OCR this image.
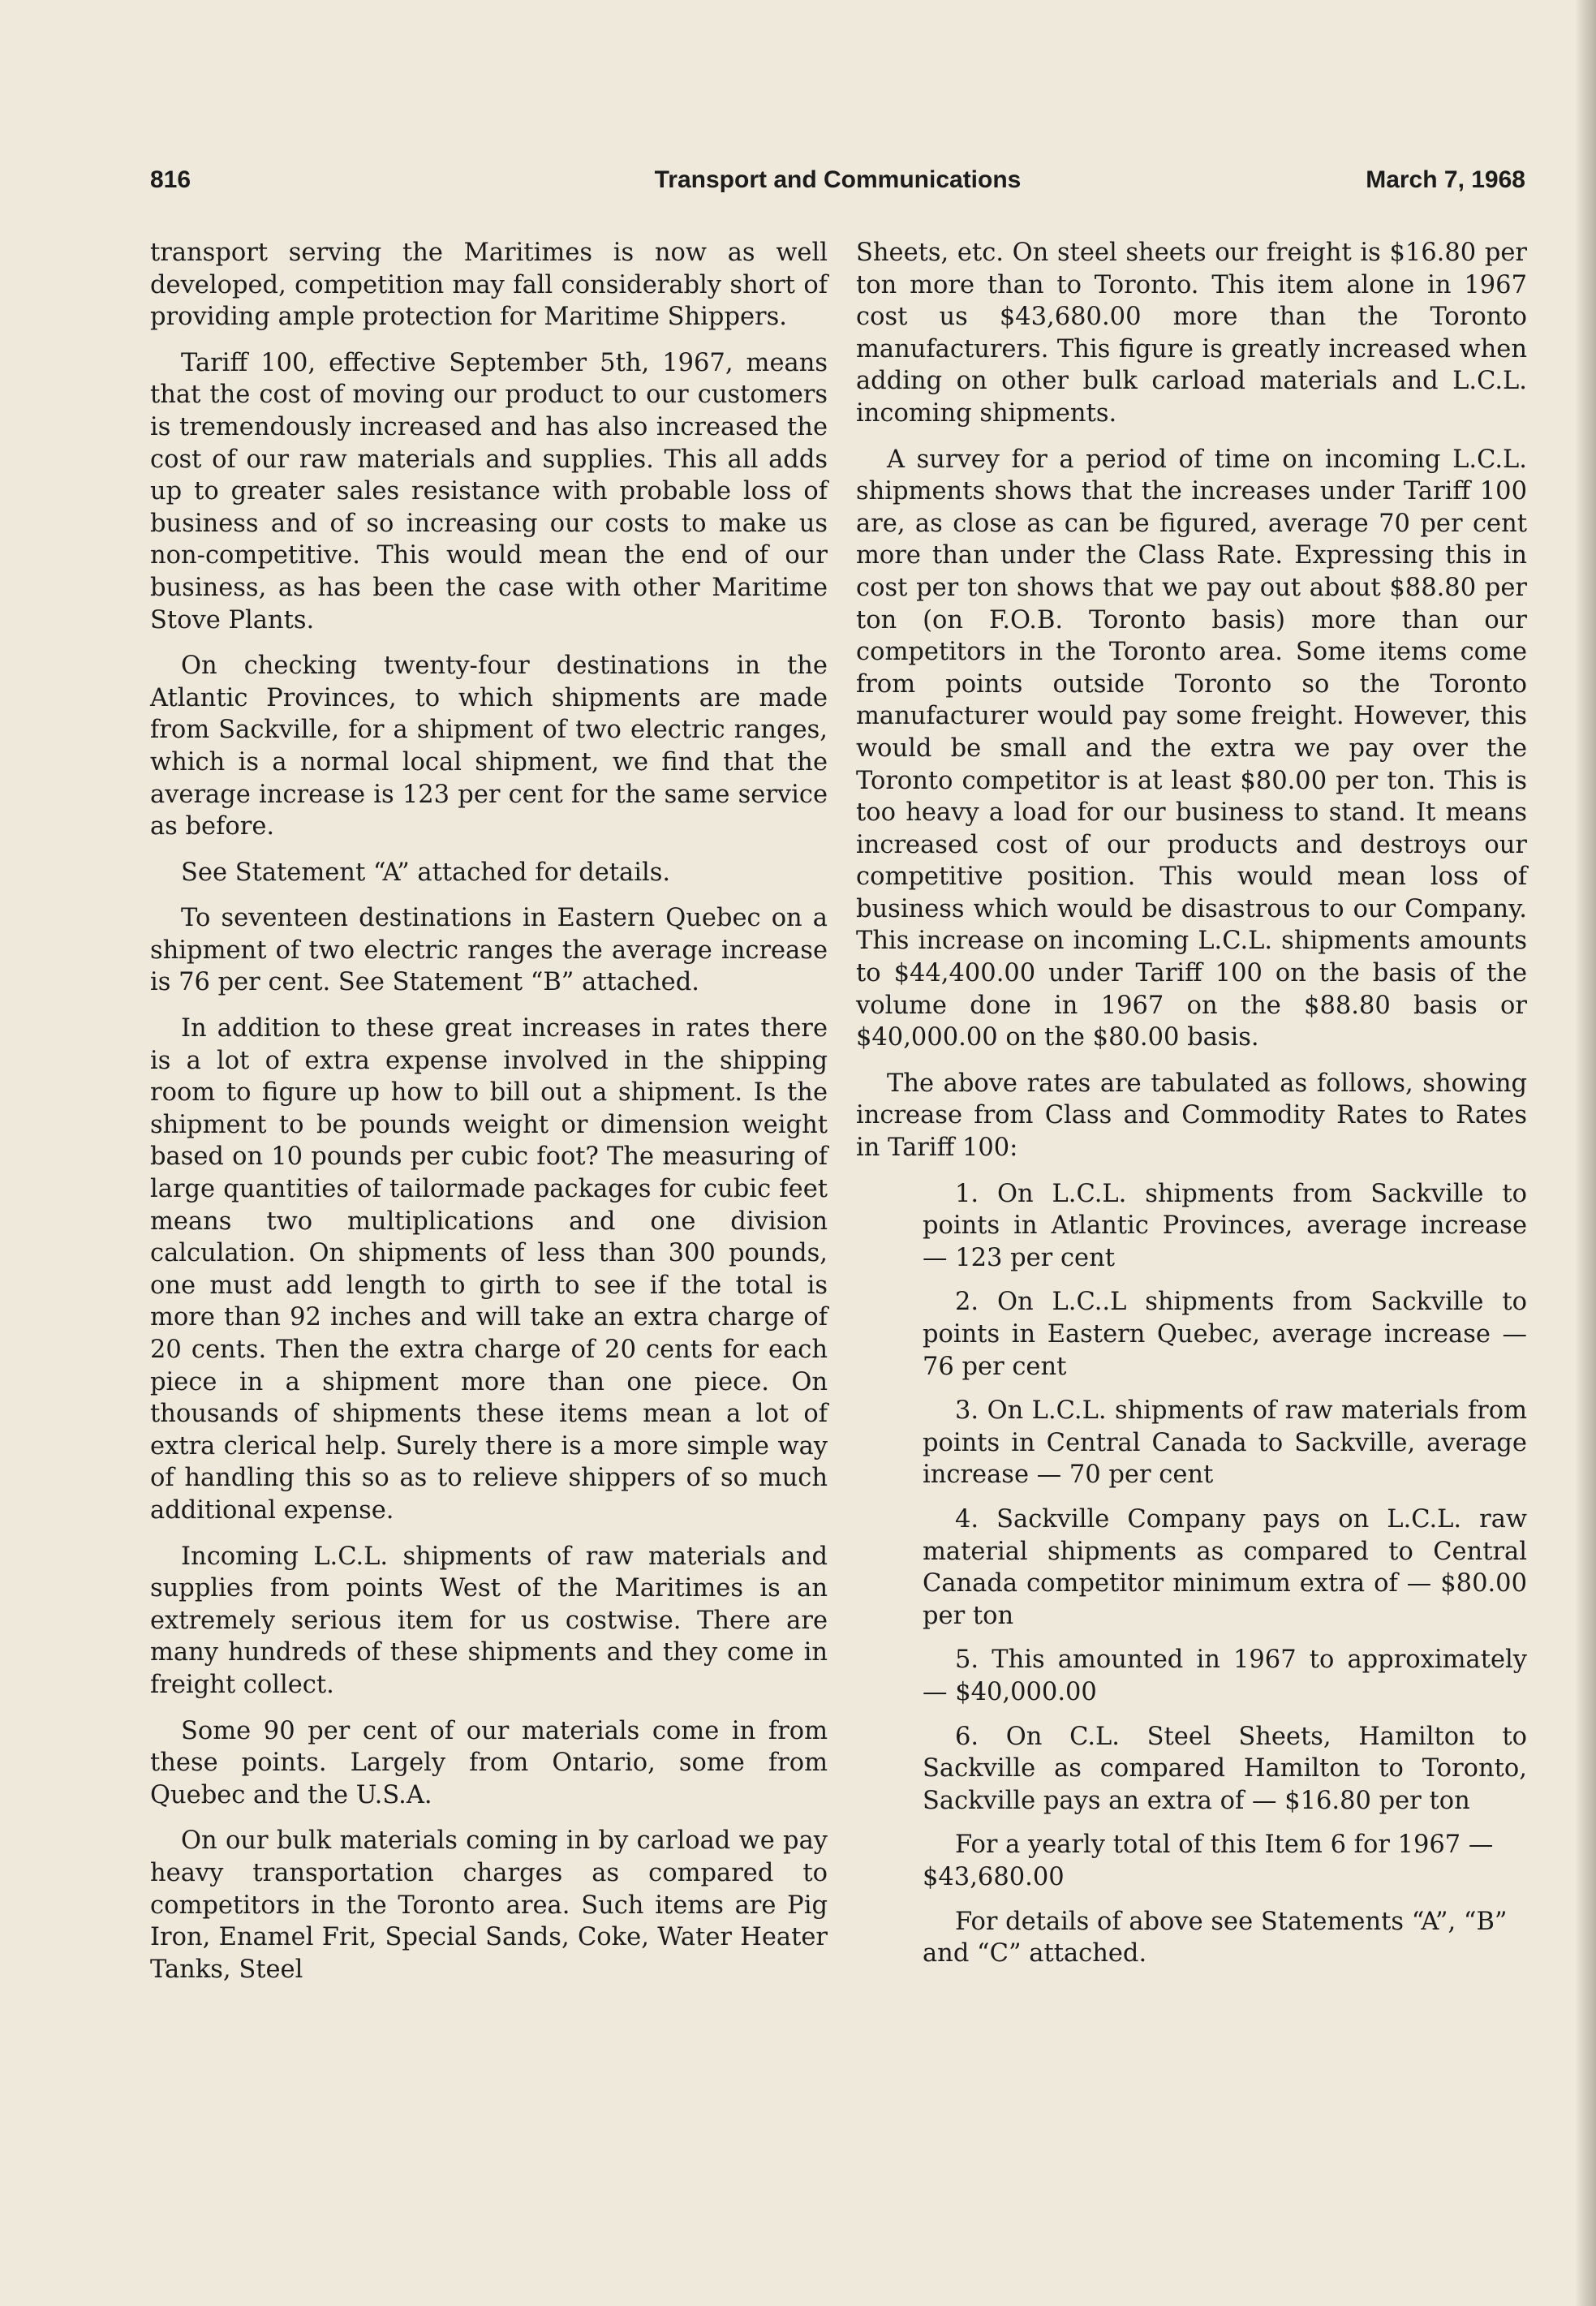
816	Transport and Communications	March 7, 1968

transport serving the Maritimes is now as well developed, competition may fall considerably short of providing ample protection for Maritime Shippers.

Tariff 100, effective September 5th, 1967, means that the cost of moving our product to our customers is tremendously increased and has also increased the cost of our raw materials and supplies. This all adds up to greater sales resistance with probable loss of business and of so increasing our costs to make us non-competitive. This would mean the end of our business, as has been the case with other Maritime Stove Plants.

On checking twenty-four destinations in the Atlantic Provinces, to which shipments are made from Sackville, for a shipment of two electric ranges, which is a normal local shipment, we find that the average increase is 123 per cent for the same service as before.

See Statement “A” attached for details.

To seventeen destinations in Eastern Quebec on a shipment of two electric ranges the average increase is 76 per cent. See Statement “B” attached.

In addition to these great increases in rates there is a lot of extra expense involved in the shipping room to figure up how to bill out a shipment. Is the shipment to be pounds weight or dimension weight based on 10 pounds per cubic foot? The measuring of large quantities of tailormade packages for cubic feet means two multiplications and one division calculation. On shipments of less than 300 pounds, one must add length to girth to see if the total is more than 92 inches and will take an extra charge of 20 cents. Then the extra charge of 20 cents for each piece in a shipment more than one piece. On thousands of shipments these items mean a lot of extra clerical help. Surely there is a more simple way of handling this so as to relieve shippers of so much additional expense.

Incoming L.C.L. shipments of raw materials and supplies from points West of the Maritimes is an extremely serious item for us costwise. There are many hundreds of these shipments and they come in freight collect.

Some 90 per cent of our materials come in from these points. Largely from Ontario, some from Quebec and the U.S.A.

On our bulk materials coming in by carload we pay heavy transportation charges as compared to competitors in the Toronto area. Such items are Pig Iron, Enamel Frit, Special Sands, Coke, Water Heater Tanks, Steel

Sheets, etc. On steel sheets our freight is $16.80 per ton more than to Toronto. This item alone in 1967 cost us $43,680.00 more than the Toronto manufacturers. This figure is greatly increased when adding on other bulk carload materials and L.C.L. incoming shipments.

A survey for a period of time on incoming L.C.L. shipments shows that the increases under Tariff 100 are, as close as can be figured, average 70 per cent more than under the Class Rate. Expressing this in cost per ton shows that we pay out about $88.80 per ton (on F.O.B. Toronto basis) more than our competitors in the Toronto area. Some items come from points outside Toronto so the Toronto manufacturer would pay some freight. However, this would be small and the extra we pay over the Toronto competitor is at least $80.00 per ton. This is too heavy a load for our business to stand. It means increased cost of our products and destroys our competitive position. This would mean loss of business which would be disastrous to our Company. This increase on incoming L.C.L. shipments amounts to $44,400.00 under Tariff 100 on the basis of the volume done in 1967 on the $88.80 basis or $40,000.00 on the $80.00 basis.

The above rates are tabulated as follows, showing increase from Class and Commodity Rates to Rates in Tariff 100:

1. On L.C.L. shipments from Sackville to points in Atlantic Provinces, average increase — 123 per cent

2. On L.C..L shipments from Sackville to points in Eastern Quebec, average increase — 76 per cent

3. On L.C.L. shipments of raw materials from points in Central Canada to Sackville, average increase — 70 per cent

4. Sackville Company pays on L.C.L. raw material shipments as compared to Central Canada competitor minimum extra of — $80.00 per ton

5. This amounted in 1967 to approximately — $40,000.00

6. On C.L. Steel Sheets, Hamilton to Sackville as compared Hamilton to Toronto, Sackville pays an extra of — $16.80 per ton

For a yearly total of this Item 6 for 1967 — $43,680.00

For details of above see Statements “A”, “B” and “C” attached.
